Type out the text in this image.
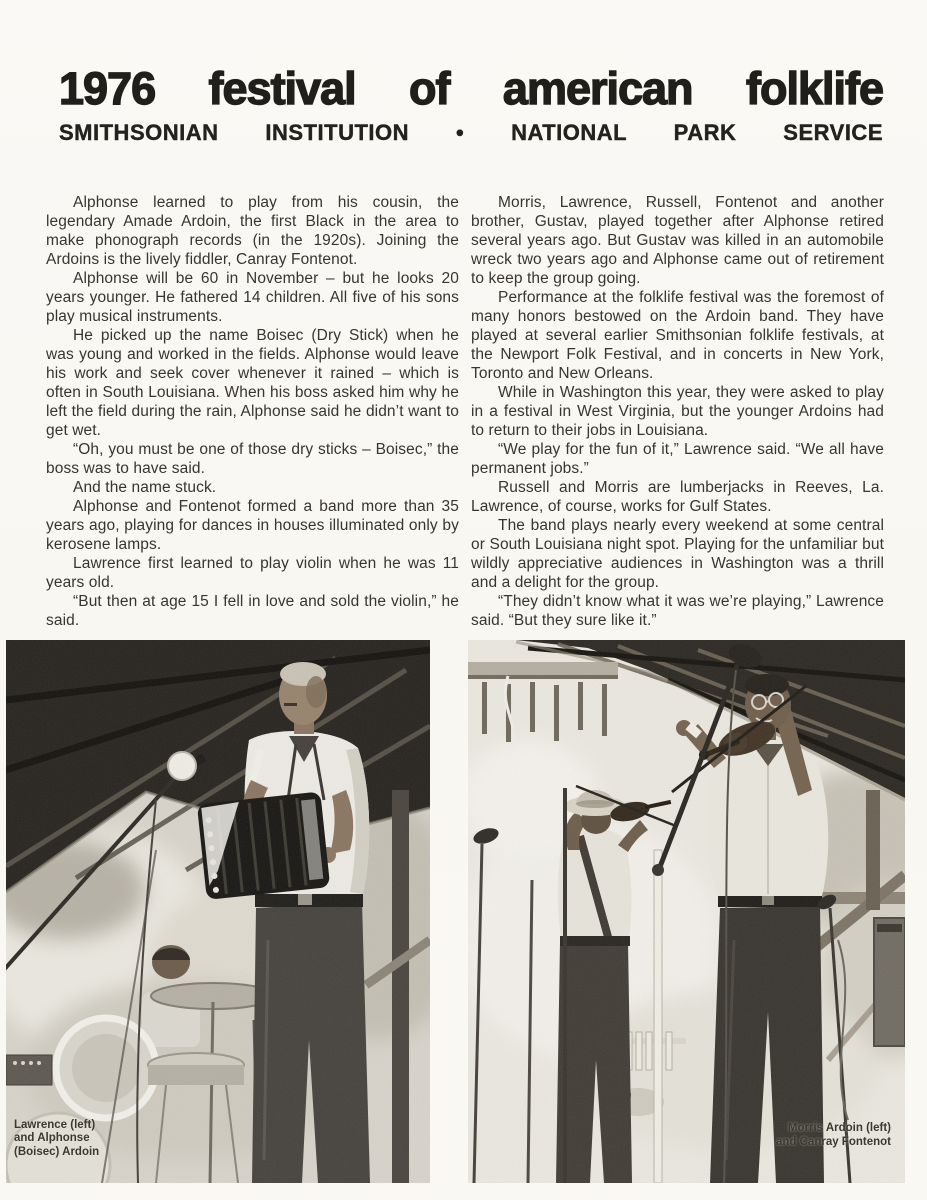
1976 festival of american folklife
SMITHSONIAN INSTITUTION • NATIONAL PARK SERVICE

Alphonse learned to play from his cousin, the legendary Amade Ardoin, the first Black in the area to make phonograph records (in the 1920s). Joining the Ardoins is the lively fiddler, Canray Fontenot.

Alphonse will be 60 in November – but he looks 20 years younger. He fathered 14 children. All five of his sons play musical instruments.

He picked up the name Boisec (Dry Stick) when he was young and worked in the fields. Alphonse would leave his work and seek cover whenever it rained – which is often in South Louisiana. When his boss asked him why he left the field during the rain, Alphonse said he didn’t want to get wet.

“Oh, you must be one of those dry sticks – Boisec,” the boss was to have said.

And the name stuck.

Alphonse and Fontenot formed a band more than 35 years ago, playing for dances in houses illuminated only by kerosene lamps.

Lawrence first learned to play violin when he was 11 years old.

“But then at age 15 I fell in love and sold the violin,” he said.

Morris, Lawrence, Russell, Fontenot and another brother, Gustav, played together after Alphonse retired several years ago. But Gustav was killed in an automobile wreck two years ago and Alphonse came out of retirement to keep the group going.

Performance at the folklife festival was the foremost of many honors bestowed on the Ardoin band. They have played at several earlier Smithsonian folklife festivals, at the Newport Folk Festival, and in concerts in New York, Toronto and New Orleans.

While in Washington this year, they were asked to play in a festival in West Virginia, but the younger Ardoins had to return to their jobs in Louisiana.

“We play for the fun of it,” Lawrence said. “We all have permanent jobs.”

Russell and Morris are lumberjacks in Reeves, La. Lawrence, of course, works for Gulf States.

The band plays nearly every weekend at some central or South Louisiana night spot. Playing for the unfamiliar but wildly appreciative audiences in Washington was a thrill and a delight for the group.

“They didn’t know what it was we’re playing,” Lawrence said. “But they sure like it.”

Lawrence (left)
and Alphonse
(Boisec) Ardoin
Morris Ardoin (left)
and Canray Fontenot
